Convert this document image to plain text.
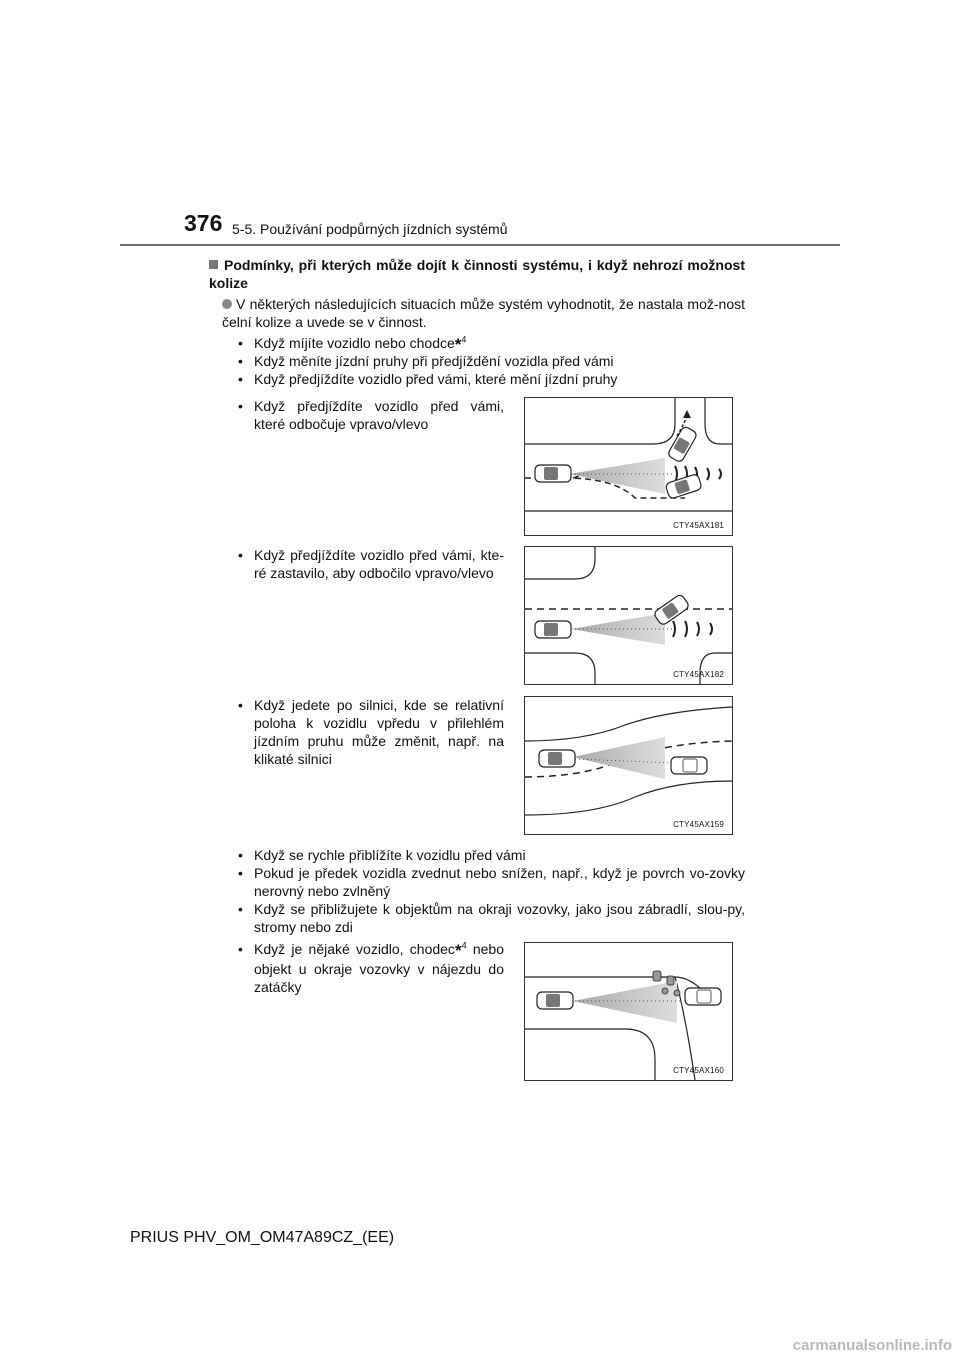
376 5-5. Používání podpůrných jízdních systémů
Podmínky, při kterých může dojít k činnosti systému, i když nehrozí možnost kolize
V některých následujících situacích může systém vyhodnotit, že nastala mož-nost čelní kolize a uvede se v činnost.
• Když míjíte vozidlo nebo chodce*$^4$
• Když měníte jízdní pruhy při předjíždění vozidla před vámi
• Když předjíždíte vozidlo před vámi, které mění jízdní pruhy
• Když předjíždíte vozidlo před vámi, které odbočuje vpravo/vlevo
CTY45AX181
• Když předjíždíte vozidlo před vámi, kte-ré zastavilo, aby odbočilo vpravo/vlevo
CTY45AX182
• Když jedete po silnici, kde se relativní poloha k vozidlu vpředu v přilehlém jízdním pruhu může změnit, např. na klikaté silnici
CTY45AX159
• Když se rychle přiblížíte k vozidlu před vámi
• Pokud je předek vozidla zvednut nebo snížen, např., když je povrch vo-zovky nerovný nebo zvlněný
• Když se přibližujete k objektům na okraji vozovky, jako jsou zábradlí, slou-py, stromy nebo zdi
• Když je nějaké vozidlo, chodec*$^4$ nebo objekt u okraje vozovky v nájezdu do zatáčky
CTY45AX160
PRIUS PHV_OM_OM47A89CZ_(EE)
carmanualsonline.info
